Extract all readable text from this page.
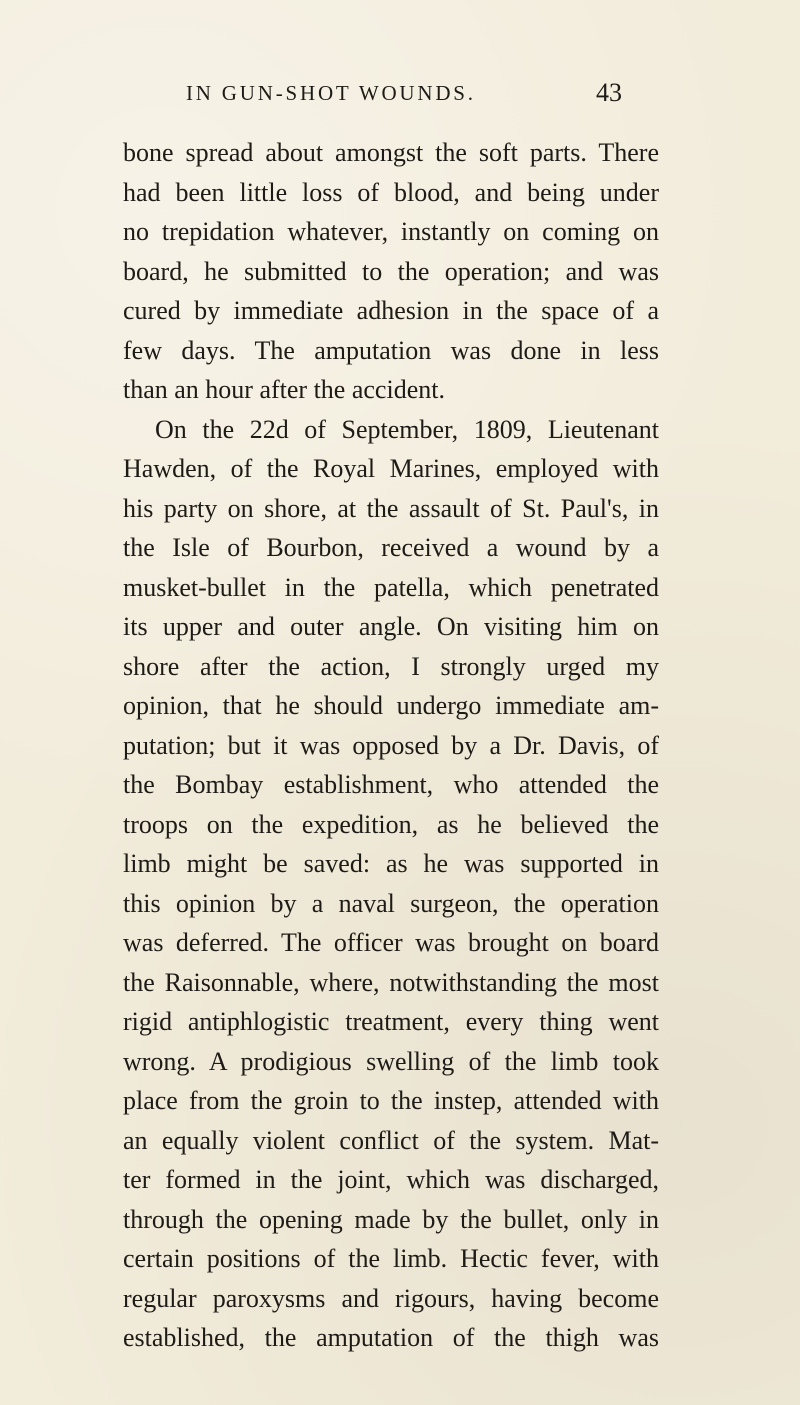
IN GUN-SHOT WOUNDS.	43
bone spread about amongst the soft parts. There
had been little loss of blood, and being under
no trepidation whatever, instantly on coming on
board, he submitted to the operation; and was
cured by immediate adhesion in the space of a
few days. The amputation was done in less
than an hour after the accident.
On the 22d of September, 1809, Lieutenant
Hawden, of the Royal Marines, employed with
his party on shore, at the assault of St. Paul's, in
the Isle of Bourbon, received a wound by a
musket-bullet in the patella, which penetrated
its upper and outer angle. On visiting him on
shore after the action, I strongly urged my
opinion, that he should undergo immediate am-
putation; but it was opposed by a Dr. Davis, of
the Bombay establishment, who attended the
troops on the expedition, as he believed the
limb might be saved: as he was supported in
this opinion by a naval surgeon, the operation
was deferred. The officer was brought on board
the Raisonnable, where, notwithstanding the most
rigid antiphlogistic treatment, every thing went
wrong. A prodigious swelling of the limb took
place from the groin to the instep, attended with
an equally violent conflict of the system. Mat-
ter formed in the joint, which was discharged,
through the opening made by the bullet, only in
certain positions of the limb. Hectic fever, with
regular paroxysms and rigours, having become
established, the amputation of the thigh was
